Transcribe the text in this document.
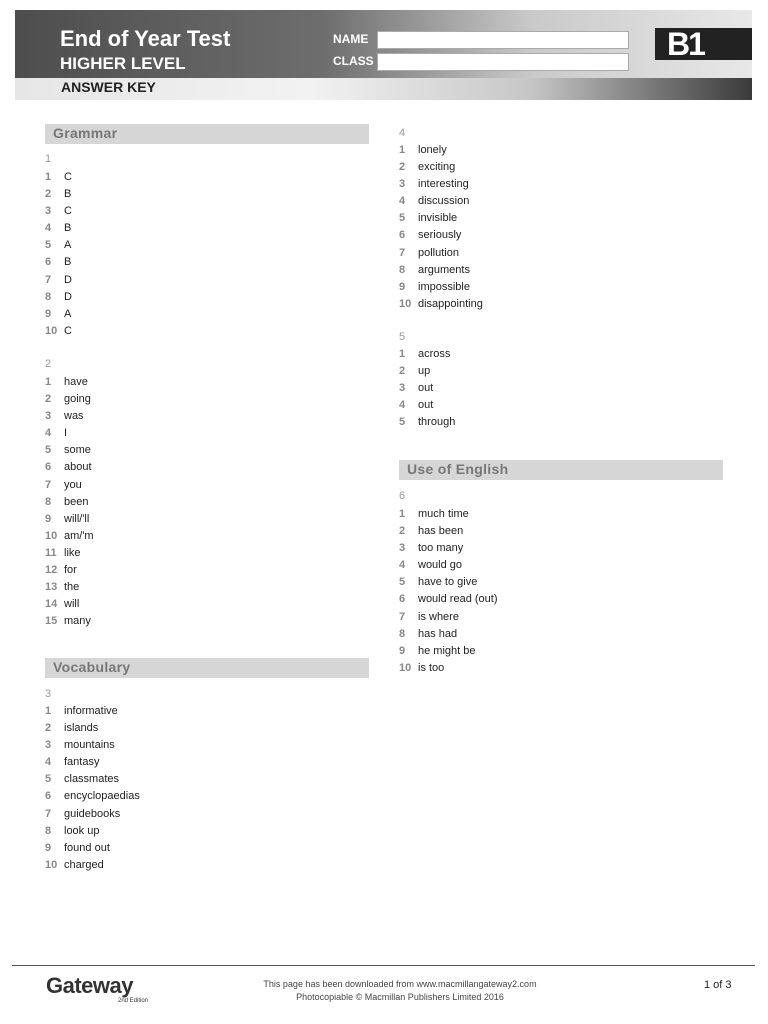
End of Year Test
HIGHER LEVEL
NAME
CLASS	B1
ANSWER KEY
Grammar
1
1 C
2 B
3 C
4 B
5 A
6 B
7 D
8 D
9 A
10 C
2
1 have
2 going
3 was
4 I
5 some
6 about
7 you
8 been
9 will/'ll
10 am/'m
11 like
12 for
13 the
14 will
15 many
Vocabulary
3
1 informative
2 islands
3 mountains
4 fantasy
5 classmates
6 encyclopaedias
7 guidebooks
8 look up
9 found out
10 charged
4
1 lonely
2 exciting
3 interesting
4 discussion
5 invisible
6 seriously
7 pollution
8 arguments
9 impossible
10 disappointing
5
1 across
2 up
3 out
4 out
5 through
Use of English
6
1 much time
2 has been
3 too many
4 would go
5 have to give
6 would read (out)
7 is where
8 has had
9 he might be
10 is too
Gateway
2nd Edition
This page has been downloaded from www.macmillangateway2.com
Photocopiable © Macmillan Publishers Limited 2016
1 of 3
